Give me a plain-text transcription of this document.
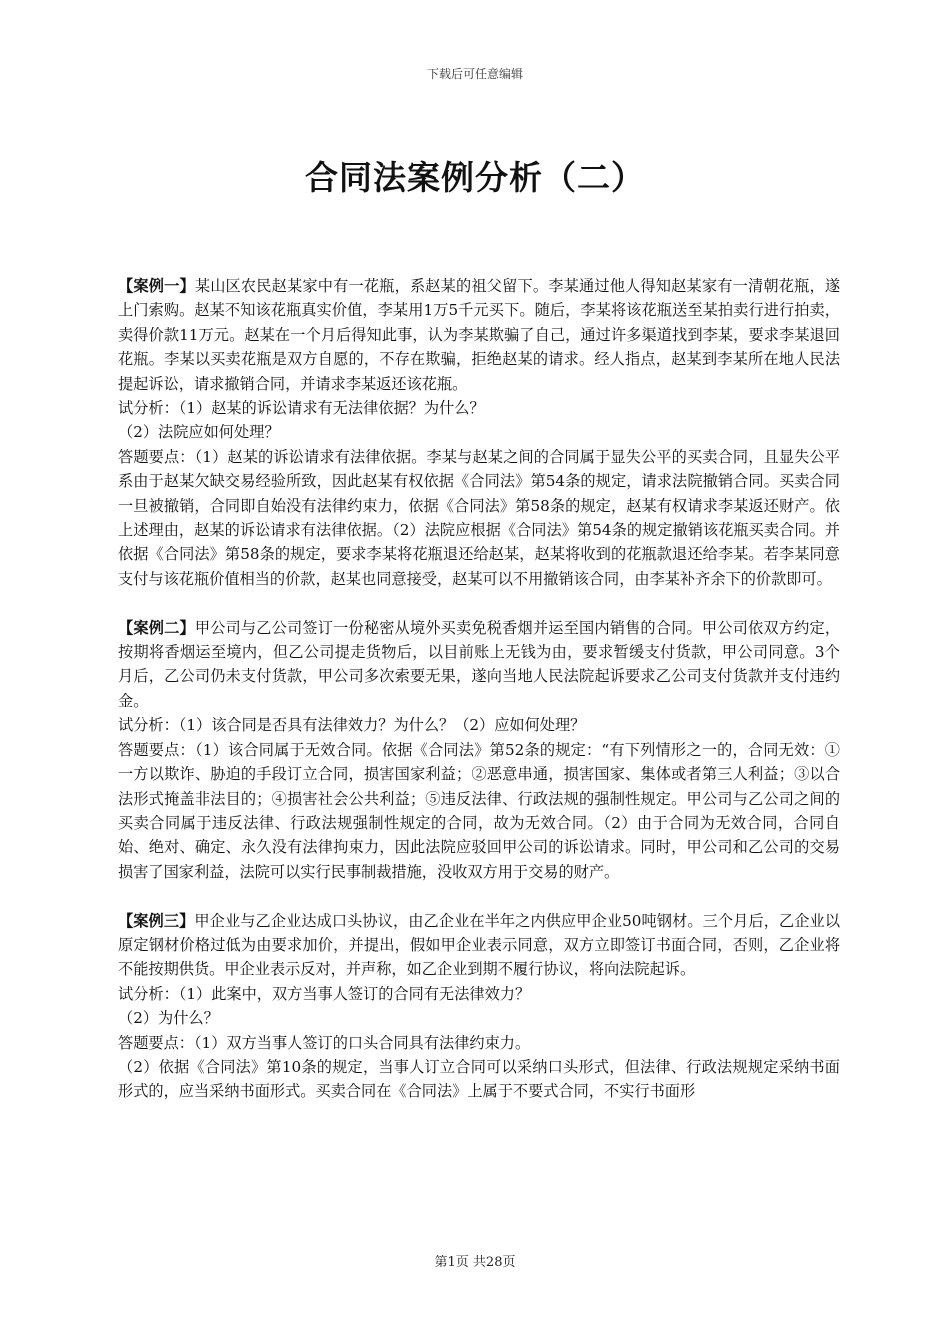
下载后可任意编辑
合同法案例分析（二）

【案例一】某山区农民赵某家中有一花瓶，系赵某的祖父留下。李某通过他人得知赵某家有一清朝花瓶，遂上门索购。赵某不知该花瓶真实价值，李某用1万5千元买下。随后，李某将该花瓶送至某拍卖行进行拍卖，卖得价款11万元。赵某在一个月后得知此事，认为李某欺骗了自己，通过许多渠道找到李某，要求李某退回花瓶。李某以买卖花瓶是双方自愿的，不存在欺骗，拒绝赵某的请求。经人指点，赵某到李某所在地人民法提起诉讼，请求撤销合同，并请求李某返还该花瓶。

试分析：（1）赵某的诉讼请求有无法律依据？为什么？

（2）法院应如何处理？

答题要点：（1）赵某的诉讼请求有法律依据。李某与赵某之间的合同属于显失公平的买卖合同，且显失公平系由于赵某欠缺交易经验所致，因此赵某有权依据《合同法》第54条的规定，请求法院撤销合同。买卖合同一旦被撤销，合同即自始没有法律约束力，依据《合同法》第58条的规定，赵某有权请求李某返还财产。依上述理由，赵某的诉讼请求有法律依据。（2）法院应根据《合同法》第54条的规定撤销该花瓶买卖合同。并依据《合同法》第58条的规定，要求李某将花瓶退还给赵某，赵某将收到的花瓶款退还给李某。若李某同意支付与该花瓶价值相当的价款，赵某也同意接受，赵某可以不用撤销该合同，由李某补齐余下的价款即可。

【案例二】甲公司与乙公司签订一份秘密从境外买卖免税香烟并运至国内销售的合同。甲公司依双方约定，按期将香烟运至境内，但乙公司提走货物后，以目前账上无钱为由，要求暂缓支付货款，甲公司同意。3个月后，乙公司仍未支付货款，甲公司多次索要无果，遂向当地人民法院起诉要求乙公司支付货款并支付违约金。

试分析：（1）该合同是否具有法律效力？为什么？（2）应如何处理？

答题要点：（1）该合同属于无效合同。依据《合同法》第52条的规定：“有下列情形之一的，合同无效：①一方以欺诈、胁迫的手段订立合同，损害国家利益；②恶意串通，损害国家、集体或者第三人利益；③以合法形式掩盖非法目的；④损害社会公共利益；⑤违反法律、行政法规的强制性规定。甲公司与乙公司之间的买卖合同属于违反法律、行政法规强制性规定的合同，故为无效合同。（2）由于合同为无效合同，合同自始、绝对、确定、永久没有法律拘束力，因此法院应驳回甲公司的诉讼请求。同时，甲公司和乙公司的交易损害了国家利益，法院可以实行民事制裁措施，没收双方用于交易的财产。

【案例三】甲企业与乙企业达成口头协议，由乙企业在半年之内供应甲企业50吨钢材。三个月后，乙企业以原定钢材价格过低为由要求加价，并提出，假如甲企业表示同意，双方立即签订书面合同，否则，乙企业将不能按期供货。甲企业表示反对，并声称，如乙企业到期不履行协议，将向法院起诉。

试分析：（1）此案中，双方当事人签订的合同有无法律效力？

（2）为什么？

答题要点：（1）双方当事人签订的口头合同具有法律约束力。

（2）依据《合同法》第10条的规定，当事人订立合同可以采纳口头形式，但法律、行政法规规定采纳书面形式的，应当采纳书面形式。买卖合同在《合同法》上属于不要式合同，不实行书面形

第1页 共28页
